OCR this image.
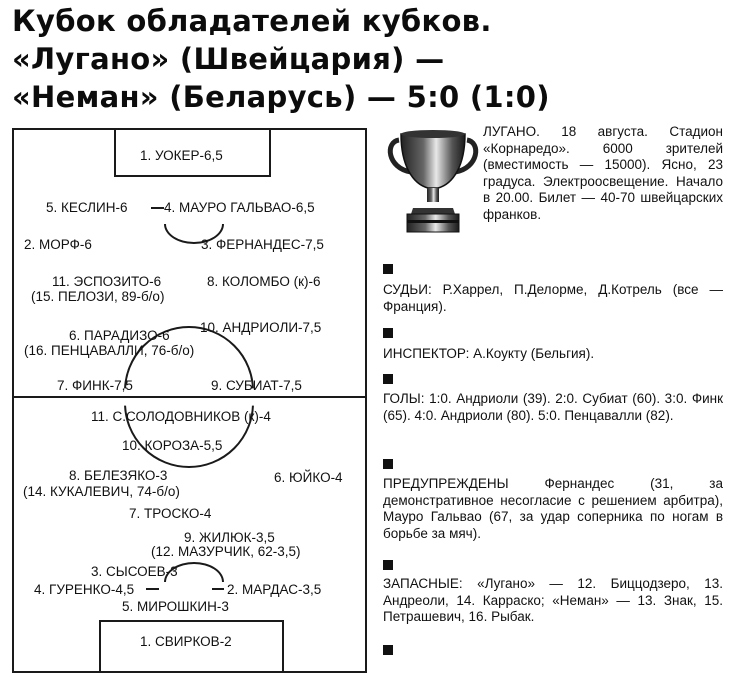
Кубок обладателей кубков.
«Лугано» (Швейцария) —
«Неман» (Беларусь) — 5:0 (1:0)
1. УОКЕР-6,5
5. КЕСЛИН-6	4. МАУРО ГАЛЬВАО-6,5
2. МОРФ-6	3. ФЕРНАНДЕС-7,5
11. ЭСПОЗИТО-6
(15. ПЕЛОЗИ, 89-б/о)
8. КОЛОМБО (к)-6
6. ПАРАДИЗО-6
(16. ПЕНЦАВАЛЛИ, 76-б/о)
10. АНДРИОЛИ-7,5
7. ФИНК-7,5	9. СУБИАТ-7,5
11. С.СОЛОДОВНИКОВ (к)-4
10. КОРОЗА-5,5
8. БЕЛЕЗЯКО-3
(14. КУКАЛЕВИЧ, 74-б/о)
6. ЮЙКО-4
7. ТРОСКО-4
9. ЖИЛЮК-3,5
(12. МАЗУРЧИК, 62-3,5)
3. СЫСОЕВ-3
4. ГУРЕНКО-4,5	2. МАРДАС-3,5
5. МИРОШКИН-3
1. СВИРКОВ-2
ЛУГАНО. 18 августа. Стадион «Корнаредо». 6000 зрителей (вместимость — 15000). Ясно, 23 градуса. Электроосвещение. Начало в 20.00. Билет — 40-70 швейцарских франков.
СУДЬИ: Р.Харрел, П.Делорме, Д.Котрель (все — Франция).
ИНСПЕКТОР: А.Коукту (Бельгия).
ГОЛЫ: 1:0. Андриоли (39). 2:0. Субиат (60). 3:0. Финк (65). 4:0. Андриоли (80). 5:0. Пенцавалли (82).
ПРЕДУПРЕЖДЕНЫ Фернандес (31, за демонстративное несогласие с решением арбитра), Мауро Гальвао (67, за удар соперника по ногам в борьбе за мяч).
ЗАПАСНЫЕ: «Лугано» — 12. Биццодзеро, 13. Андреоли, 14. Карраско; «Неман» — 13. Знак, 15. Петрашевич, 16. Рыбак.
